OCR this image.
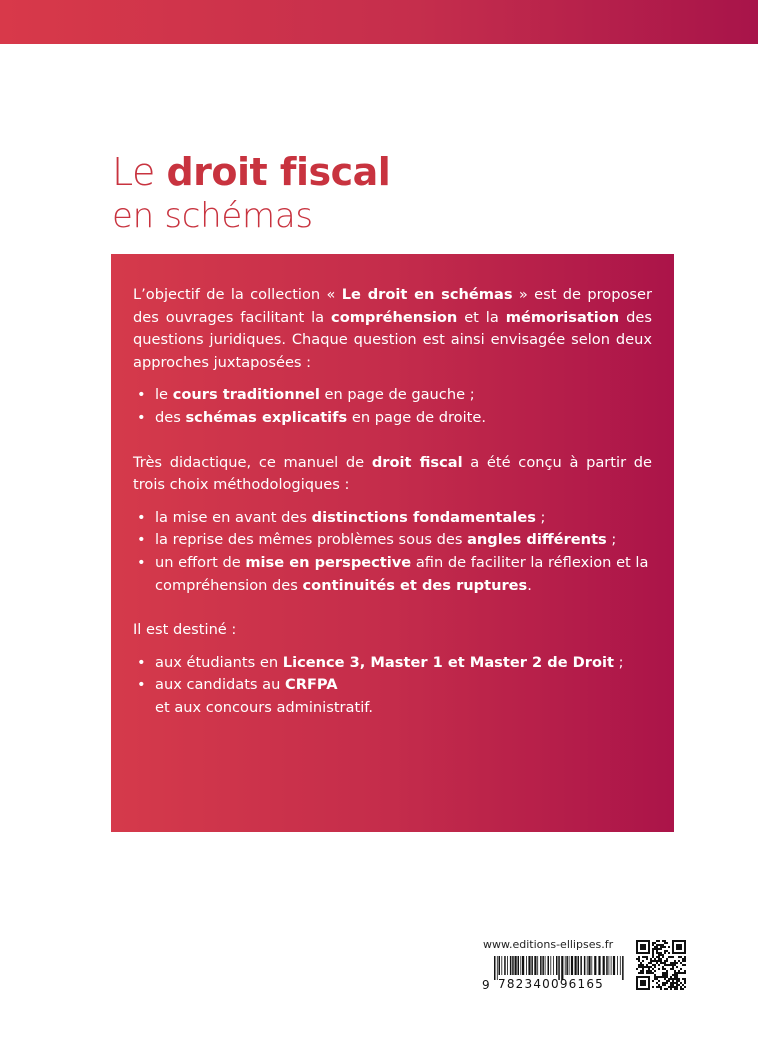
Le droit fiscal
en schémas

L’objectif de la collection « Le droit en schémas » est de proposer des ouvrages facilitant la compréhension et la mémorisation des questions juridiques. Chaque question est ainsi envisagée selon deux approches juxtaposées :

• le cours traditionnel en page de gauche ;
• des schémas explicatifs en page de droite.

Très didactique, ce manuel de droit fiscal a été conçu à partir de trois choix méthodologiques :

• la mise en avant des distinctions fondamentales ;
• la reprise des mêmes problèmes sous des angles différents ;
• un effort de mise en perspective afin de faciliter la réflexion et la compréhension des continuités et des ruptures.

Il est destiné :

• aux étudiants en Licence 3, Master 1 et Master 2 de Droit ;
• aux candidats au CRFPA
et aux concours administratif.
www.editions-ellipses.fr
9 782340096165
